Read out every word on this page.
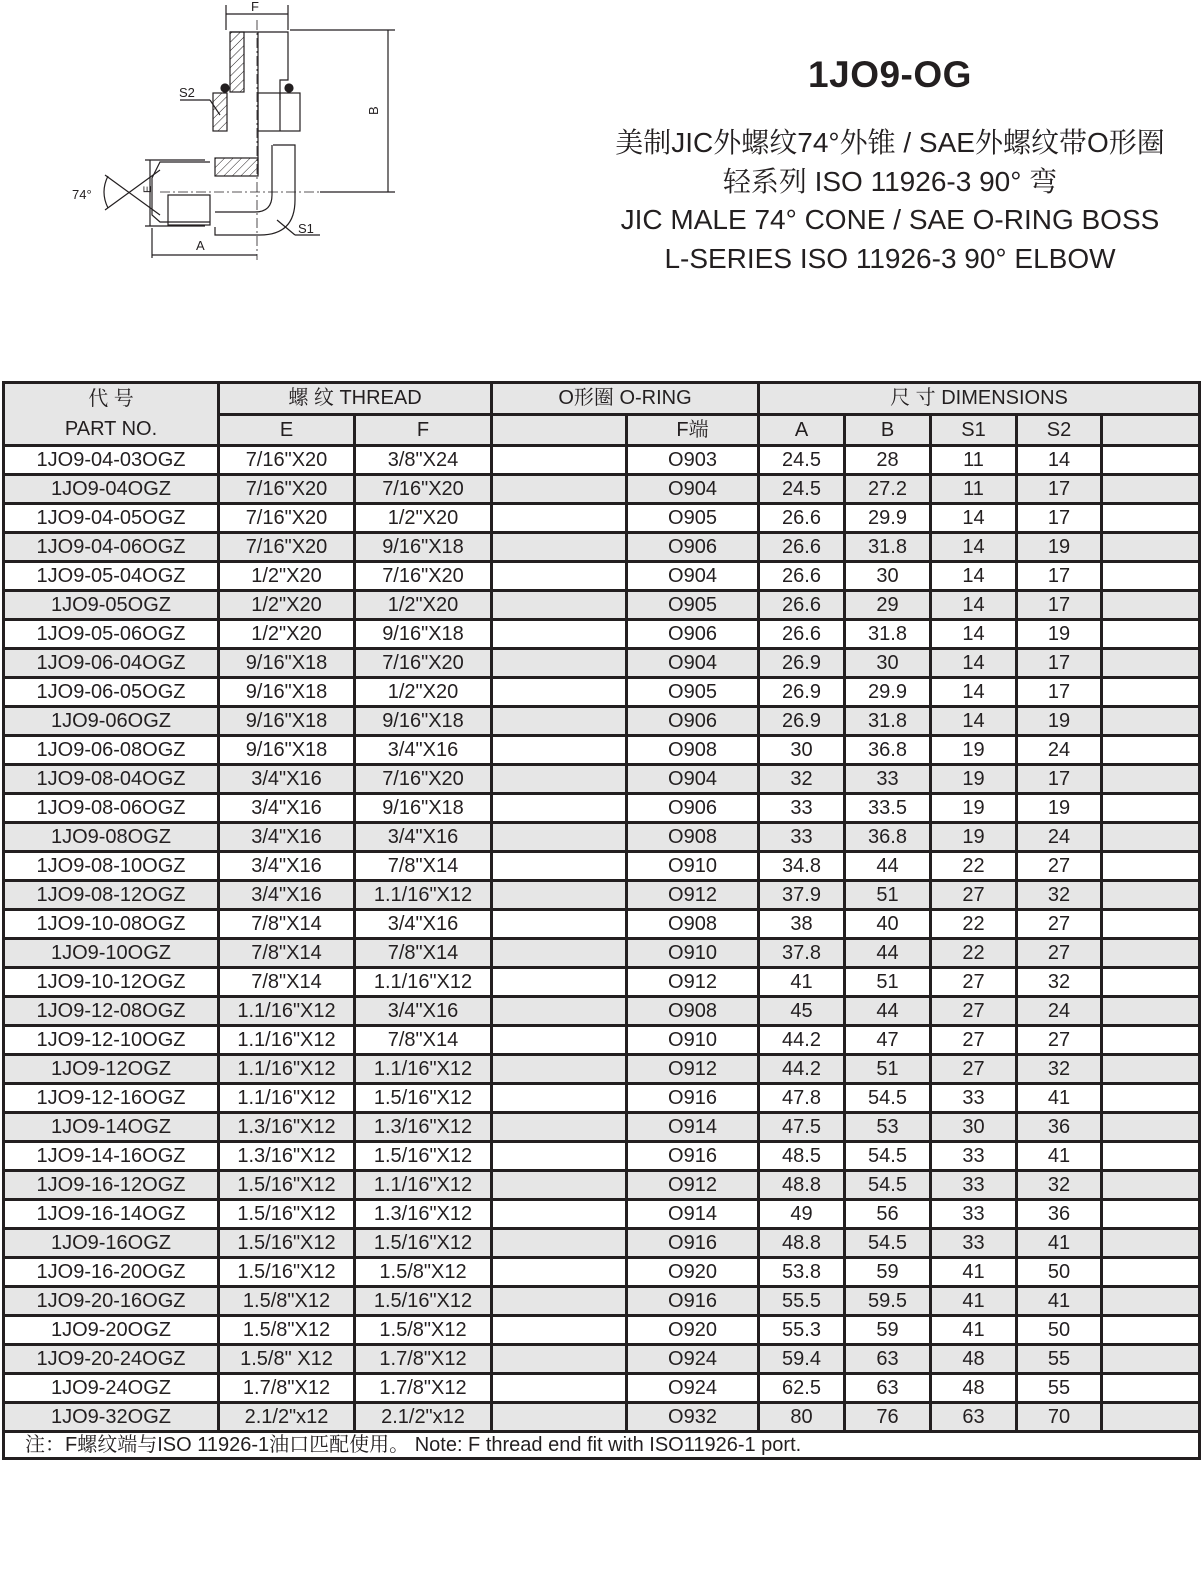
F
S2
B
74°	E
A
S1
1JO9-OG
美制JIC外螺纹74°外锥 / SAE外螺纹带O形圈
轻系列 ISO 11926-3 90° 弯
JIC MALE 74° CONE / SAE O-RING BOSS
L-SERIES ISO 11926-3 90° ELBOW
代 号
PART NO.	螺 纹 THREAD		O形圈 O-RING		尺 寸 DIMENSIONS				
	E	F		F端	A	B	S1	S2	
1JO9-04-03OGZ	7/16"X20	3/8"X24		O903	24.5	28	11	14	
1JO9-04OGZ	7/16"X20	7/16"X20		O904	24.5	27.2	11	17	
1JO9-04-05OGZ	7/16"X20	1/2"X20		O905	26.6	29.9	14	17	
1JO9-04-06OGZ	7/16"X20	9/16"X18		O906	26.6	31.8	14	19	
1JO9-05-04OGZ	1/2"X20	7/16"X20		O904	26.6	30	14	17	
1JO9-05OGZ	1/2"X20	1/2"X20		O905	26.6	29	14	17	
1JO9-05-06OGZ	1/2"X20	9/16"X18		O906	26.6	31.8	14	19	
1JO9-06-04OGZ	9/16"X18	7/16"X20		O904	26.9	30	14	17	
1JO9-06-05OGZ	9/16"X18	1/2"X20		O905	26.9	29.9	14	17	
1JO9-06OGZ	9/16"X18	9/16"X18		O906	26.9	31.8	14	19	
1JO9-06-08OGZ	9/16"X18	3/4"X16		O908	30	36.8	19	24	
1JO9-08-04OGZ	3/4"X16	7/16"X20		O904	32	33	19	17	
1JO9-08-06OGZ	3/4"X16	9/16"X18		O906	33	33.5	19	19	
1JO9-08OGZ	3/4"X16	3/4"X16		O908	33	36.8	19	24	
1JO9-08-10OGZ	3/4"X16	7/8"X14		O910	34.8	44	22	27	
1JO9-08-12OGZ	3/4"X16	1.1/16"X12		O912	37.9	51	27	32	
1JO9-10-08OGZ	7/8"X14	3/4"X16		O908	38	40	22	27	
1JO9-10OGZ	7/8"X14	7/8"X14		O910	37.8	44	22	27	
1JO9-10-12OGZ	7/8"X14	1.1/16"X12		O912	41	51	27	32	
1JO9-12-08OGZ	1.1/16"X12	3/4"X16		O908	45	44	27	24	
1JO9-12-10OGZ	1.1/16"X12	7/8"X14		O910	44.2	47	27	27	
1JO9-12OGZ	1.1/16"X12	1.1/16"X12		O912	44.2	51	27	32	
1JO9-12-16OGZ	1.1/16"X12	1.5/16"X12		O916	47.8	54.5	33	41	
1JO9-14OGZ	1.3/16"X12	1.3/16"X12		O914	47.5	53	30	36	
1JO9-14-16OGZ	1.3/16"X12	1.5/16"X12		O916	48.5	54.5	33	41	
1JO9-16-12OGZ	1.5/16"X12	1.1/16"X12		O912	48.8	54.5	33	32	
1JO9-16-14OGZ	1.5/16"X12	1.3/16"X12		O914	49	56	33	36	
1JO9-16OGZ	1.5/16"X12	1.5/16"X12		O916	48.8	54.5	33	41	
1JO9-16-20OGZ	1.5/16"X12	1.5/8"X12		O920	53.8	59	41	50	
1JO9-20-16OGZ	1.5/8"X12	1.5/16"X12		O916	55.5	59.5	41	41	
1JO9-20OGZ	1.5/8"X12	1.5/8"X12		O920	55.3	59	41	50	
1JO9-20-24OGZ	1.5/8" X12	1.7/8"X12		O924	59.4	63	48	55	
1JO9-24OGZ	1.7/8"X12	1.7/8"X12		O924	62.5	63	48	55	
1JO9-32OGZ	2.1/2"x12	2.1/2"x12		O932	80	76	63	70	
注：F螺纹端与ISO 11926-1油口匹配使用。 Note: F thread end fit with ISO11926-1 port.									
